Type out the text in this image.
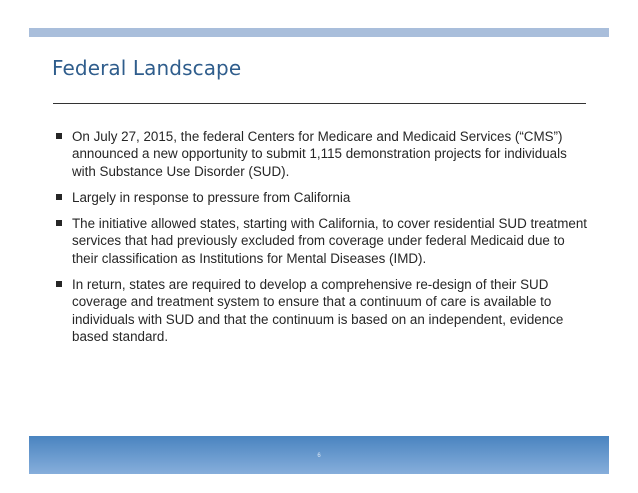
Federal Landscape
On July 27, 2015, the federal Centers for Medicare and Medicaid Services (“CMS”) announced a new opportunity to submit 1,115 demonstration projects for individuals with Substance Use Disorder (SUD).
Largely in response to pressure from California
The initiative allowed states, starting with California, to cover residential SUD treatment services that had previously excluded from coverage under federal Medicaid due to their classification as Institutions for Mental Diseases (IMD).
In return, states are required to develop a comprehensive re-design of their SUD coverage and treatment system to ensure that a continuum of care is available to individuals with SUD and that the continuum is based on an independent, evidence based standard.
6
